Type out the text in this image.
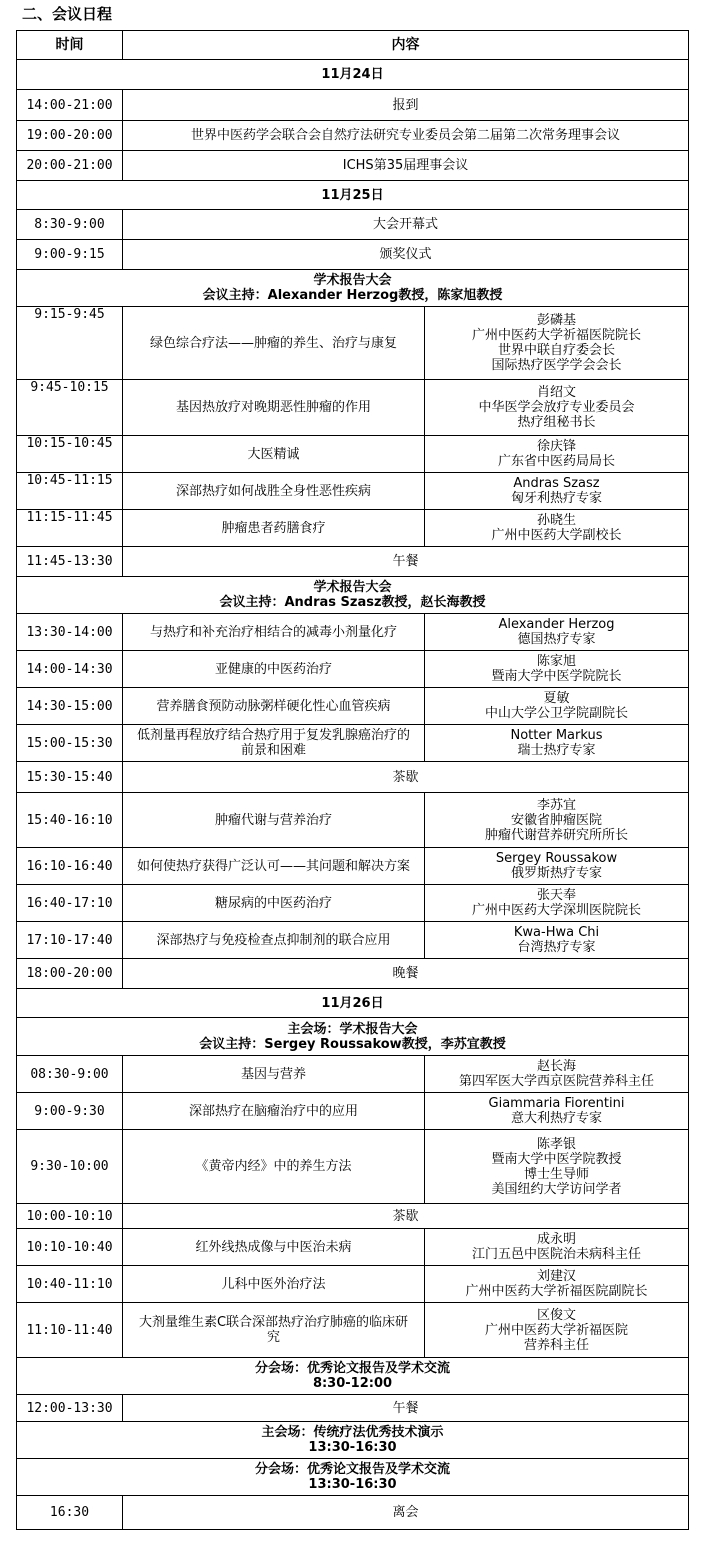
二、会议日程
时间	内容	
11月24日		
14:00-21:00	报到	
19:00-20:00	世界中医药学会联合会自然疗法研究专业委员会第二届第二次常务理事会议	
20:00-21:00	ICHS第35届理事会议	
11月25日		
8:30-9:00	大会开幕式	
9:00-9:15	颁奖仪式	

学术报告大会
会议主持：Alexander Herzog教授，陈家旭教授		

9:15-9:45	绿色综合疗法——肿瘤的养生、治疗与康复	彭磷基
广州中医药大学祈福医院院长
世界中联自疗委会长
国际热疗医学学会会长

9:45-10:15	基因热放疗对晚期恶性肿瘤的作用	肖绍文
中华医学会放疗专业委员会
热疗组秘书长

10:15-10:45	大医精诚	徐庆锋
广东省中医药局局长

10:45-11:15	深部热疗如何战胜全身性恶性疾病	Andras Szasz
匈牙利热疗专家

11:15-11:45	肿瘤患者药膳食疗	孙晓生
广州中医药大学副校长

11:45-13:30	午餐	

学术报告大会
会议主持：Andras Szasz教授，赵长海教授		

13:30-14:00	与热疗和补充治疗相结合的减毒小剂量化疗	Alexander Herzog
德国热疗专家

14:00-14:30	亚健康的中医药治疗	陈家旭
暨南大学中医学院院长

14:30-15:00	营养膳食预防动脉粥样硬化性心血管疾病	夏敏
中山大学公卫学院副院长

15:00-15:30	低剂量再程放疗结合热疗用于复发乳腺癌治疗的前景和困难	Notter Markus
瑞士热疗专家

15:30-15:40	茶歇	
15:40-16:10	肿瘤代谢与营养治疗	李苏宜
安徽省肿瘤医院
肿瘤代谢营养研究所所长

16:10-16:40	如何使热疗获得广泛认可——其问题和解决方案	Sergey Roussakow
俄罗斯热疗专家

16:40-17:10	糖尿病的中医药治疗	张天奉
广州中医药大学深圳医院院长

17:10-17:40	深部热疗与免疫检查点抑制剂的联合应用	Kwa-Hwa Chi
台湾热疗专家

18:00-20:00	晚餐	
11月26日		

主会场：学术报告大会
会议主持：Sergey Roussakow教授，李苏宜教授		

08:30-9:00	基因与营养	赵长海
第四军医大学西京医院营养科主任

9:00-9:30	深部热疗在脑瘤治疗中的应用	Giammaria Fiorentini
意大利热疗专家

9:30-10:00	《黄帝内经》中的养生方法	陈孝银
暨南大学中医学院教授
博士生导师
美国纽约大学访问学者

10:00-10:10	茶歇	
10:10-10:40	红外线热成像与中医治未病	成永明
江门五邑中医院治未病科主任

10:40-11:10	儿科中医外治疗法	刘建汉
广州中医药大学祈福医院副院长

11:10-11:40	大剂量维生素C联合深部热疗治疗肺癌的临床研究	区俊文
广州中医药大学祈福医院
营养科主任

分会场：优秀论文报告及学术交流
8:30-12:00		

12:00-13:30	午餐	

主会场：传统疗法优秀技术演示
13:30-16:30		

分会场：优秀论文报告及学术交流
13:30-16:30		

16:30	离会	
